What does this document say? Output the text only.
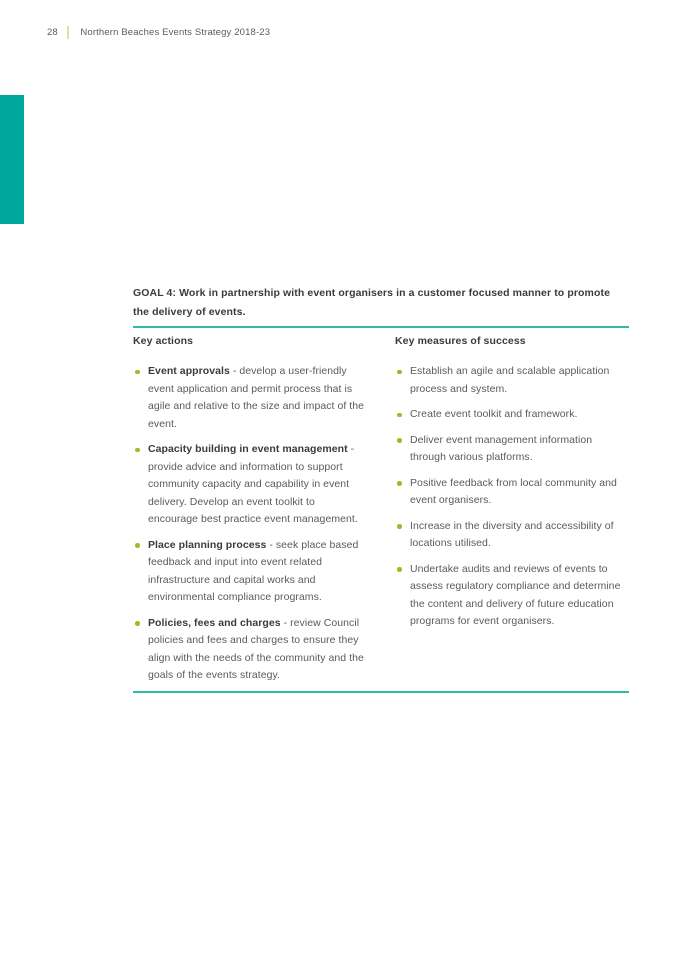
28 Northern Beaches Events Strategy 2018-23
GOAL 4: Work in partnership with event organisers in a customer focused manner to promote the delivery of events.
Key actions
Event approvals - develop a user-friendly event application and permit process that is agile and relative to the size and impact of the event.
Capacity building in event management - provide advice and information to support community capacity and capability in event delivery. Develop an event toolkit to encourage best practice event management.
Place planning process - seek place based feedback and input into event related infrastructure and capital works and environmental compliance programs.
Policies, fees and charges - review Council policies and fees and charges to ensure they align with the needs of the community and the goals of the events strategy.
Key measures of success
Establish an agile and scalable application process and system.
Create event toolkit and framework.
Deliver event management information through various platforms.
Positive feedback from local community and event organisers.
Increase in the diversity and accessibility of locations utilised.
Undertake audits and reviews of events to assess regulatory compliance and determine the content and delivery of future education programs for event organisers.
